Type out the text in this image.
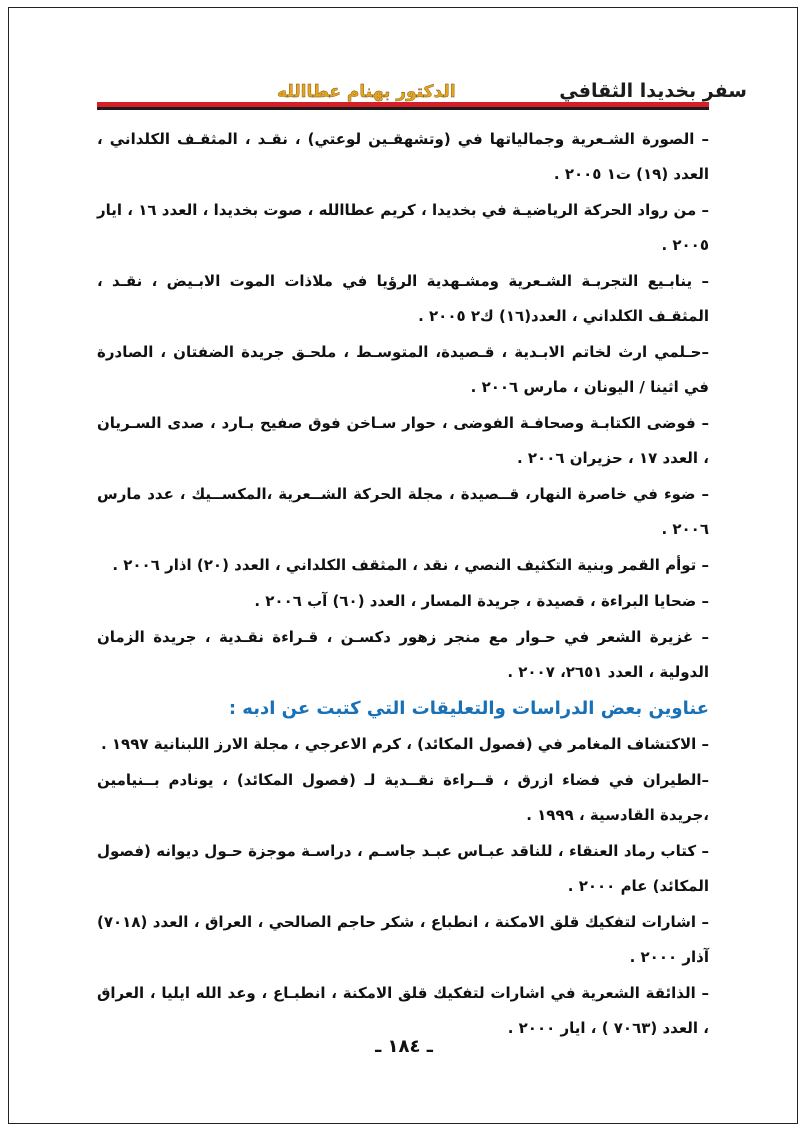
سفر بخديدا الثقافي
الدكتور بهنام عطاالله

– الصورة الشـعرية وجمالياتها في (وتشهقـين لوعتي) ، نقـد ، المثقـف الكلداني ، العدد (١٩) ت١ ٢٠٠٥ .

– من رواد الحركة الرياضيـة في بخديدا ، كريم عطاالله ، صوت بخديدا ، العدد ١٦ ، ايار ٢٠٠٥ .

– ينابـيع التجربـة الشـعرية ومشـهدية الرؤيا في ملاذات الموت الابـيض ، نقـد ، المثقـف الكلداني ، العدد(١٦) ك٢ ٢٠٠٥ .

–حـلمي ارث لخاتم الابـدية ، قـصيدة، المتوسـط ، ملحـق جريدة الضفتان ، الصادرة في اثينا / اليونان ، مارس ٢٠٠٦ .

– فوضى الكتابـة وصحافـة الفوضى ، حوار سـاخن فوق صفيح بـارد ، صدى السـريان ، العدد ١٧ ، حزيران ٢٠٠٦ .

– ضوء في خاصرة النهار، قــصيدة ، مجلة الحركة الشــعرية ،المكســيك ، عدد مارس ٢٠٠٦ .

– توأم القمر وبنية التكثيف النصي ، نقد ، المثقف الكلداني ، العدد (٢٠) اذار ٢٠٠٦ .

– ضحايا البراءة ، قصيدة ، جريدة المسار ، العدد (٦٠) آب ٢٠٠٦ .

– غزيرة الشعر في حـوار مع منجر زهور دكسـن ، قـراءة نقـدية ، جريدة الزمان الدولية ، العدد ٢٦٥١، ٢٠٠٧ .

عناوين بعض الدراسات والتعليقات التي كتبت عن ادبه :

– الاكتشاف المغامر في (فصول المكائد) ، كرم الاعرجي ، مجلة الارز اللبنانية ١٩٩٧ .

–الطيران في فضاء ازرق ، قــراءة نقــدية لـ (فصول المكائد) ، يونادم بــنيامين ،جريدة القادسية ، ١٩٩٩ .

– كتاب رماد العنقاء ، للناقد عبـاس عبـد جاسـم ، دراسـة موجزة حـول ديوانه (فصول المكائد) عام ٢٠٠٠ .

– اشارات لتفكيك قلق الامكنة ، انطباع ، شكر حاجم الصالحي ، العراق ، العدد (٧٠١٨) آذار ٢٠٠٠ .

– الذائقة الشعرية في اشارات لتفكيك قلق الامكنة ، انطبـاع ، وعد الله ايليا ، العراق ، العدد (٧٠٦٣ ) ، ايار ٢٠٠٠ .

ـ ١٨٤ ـ
